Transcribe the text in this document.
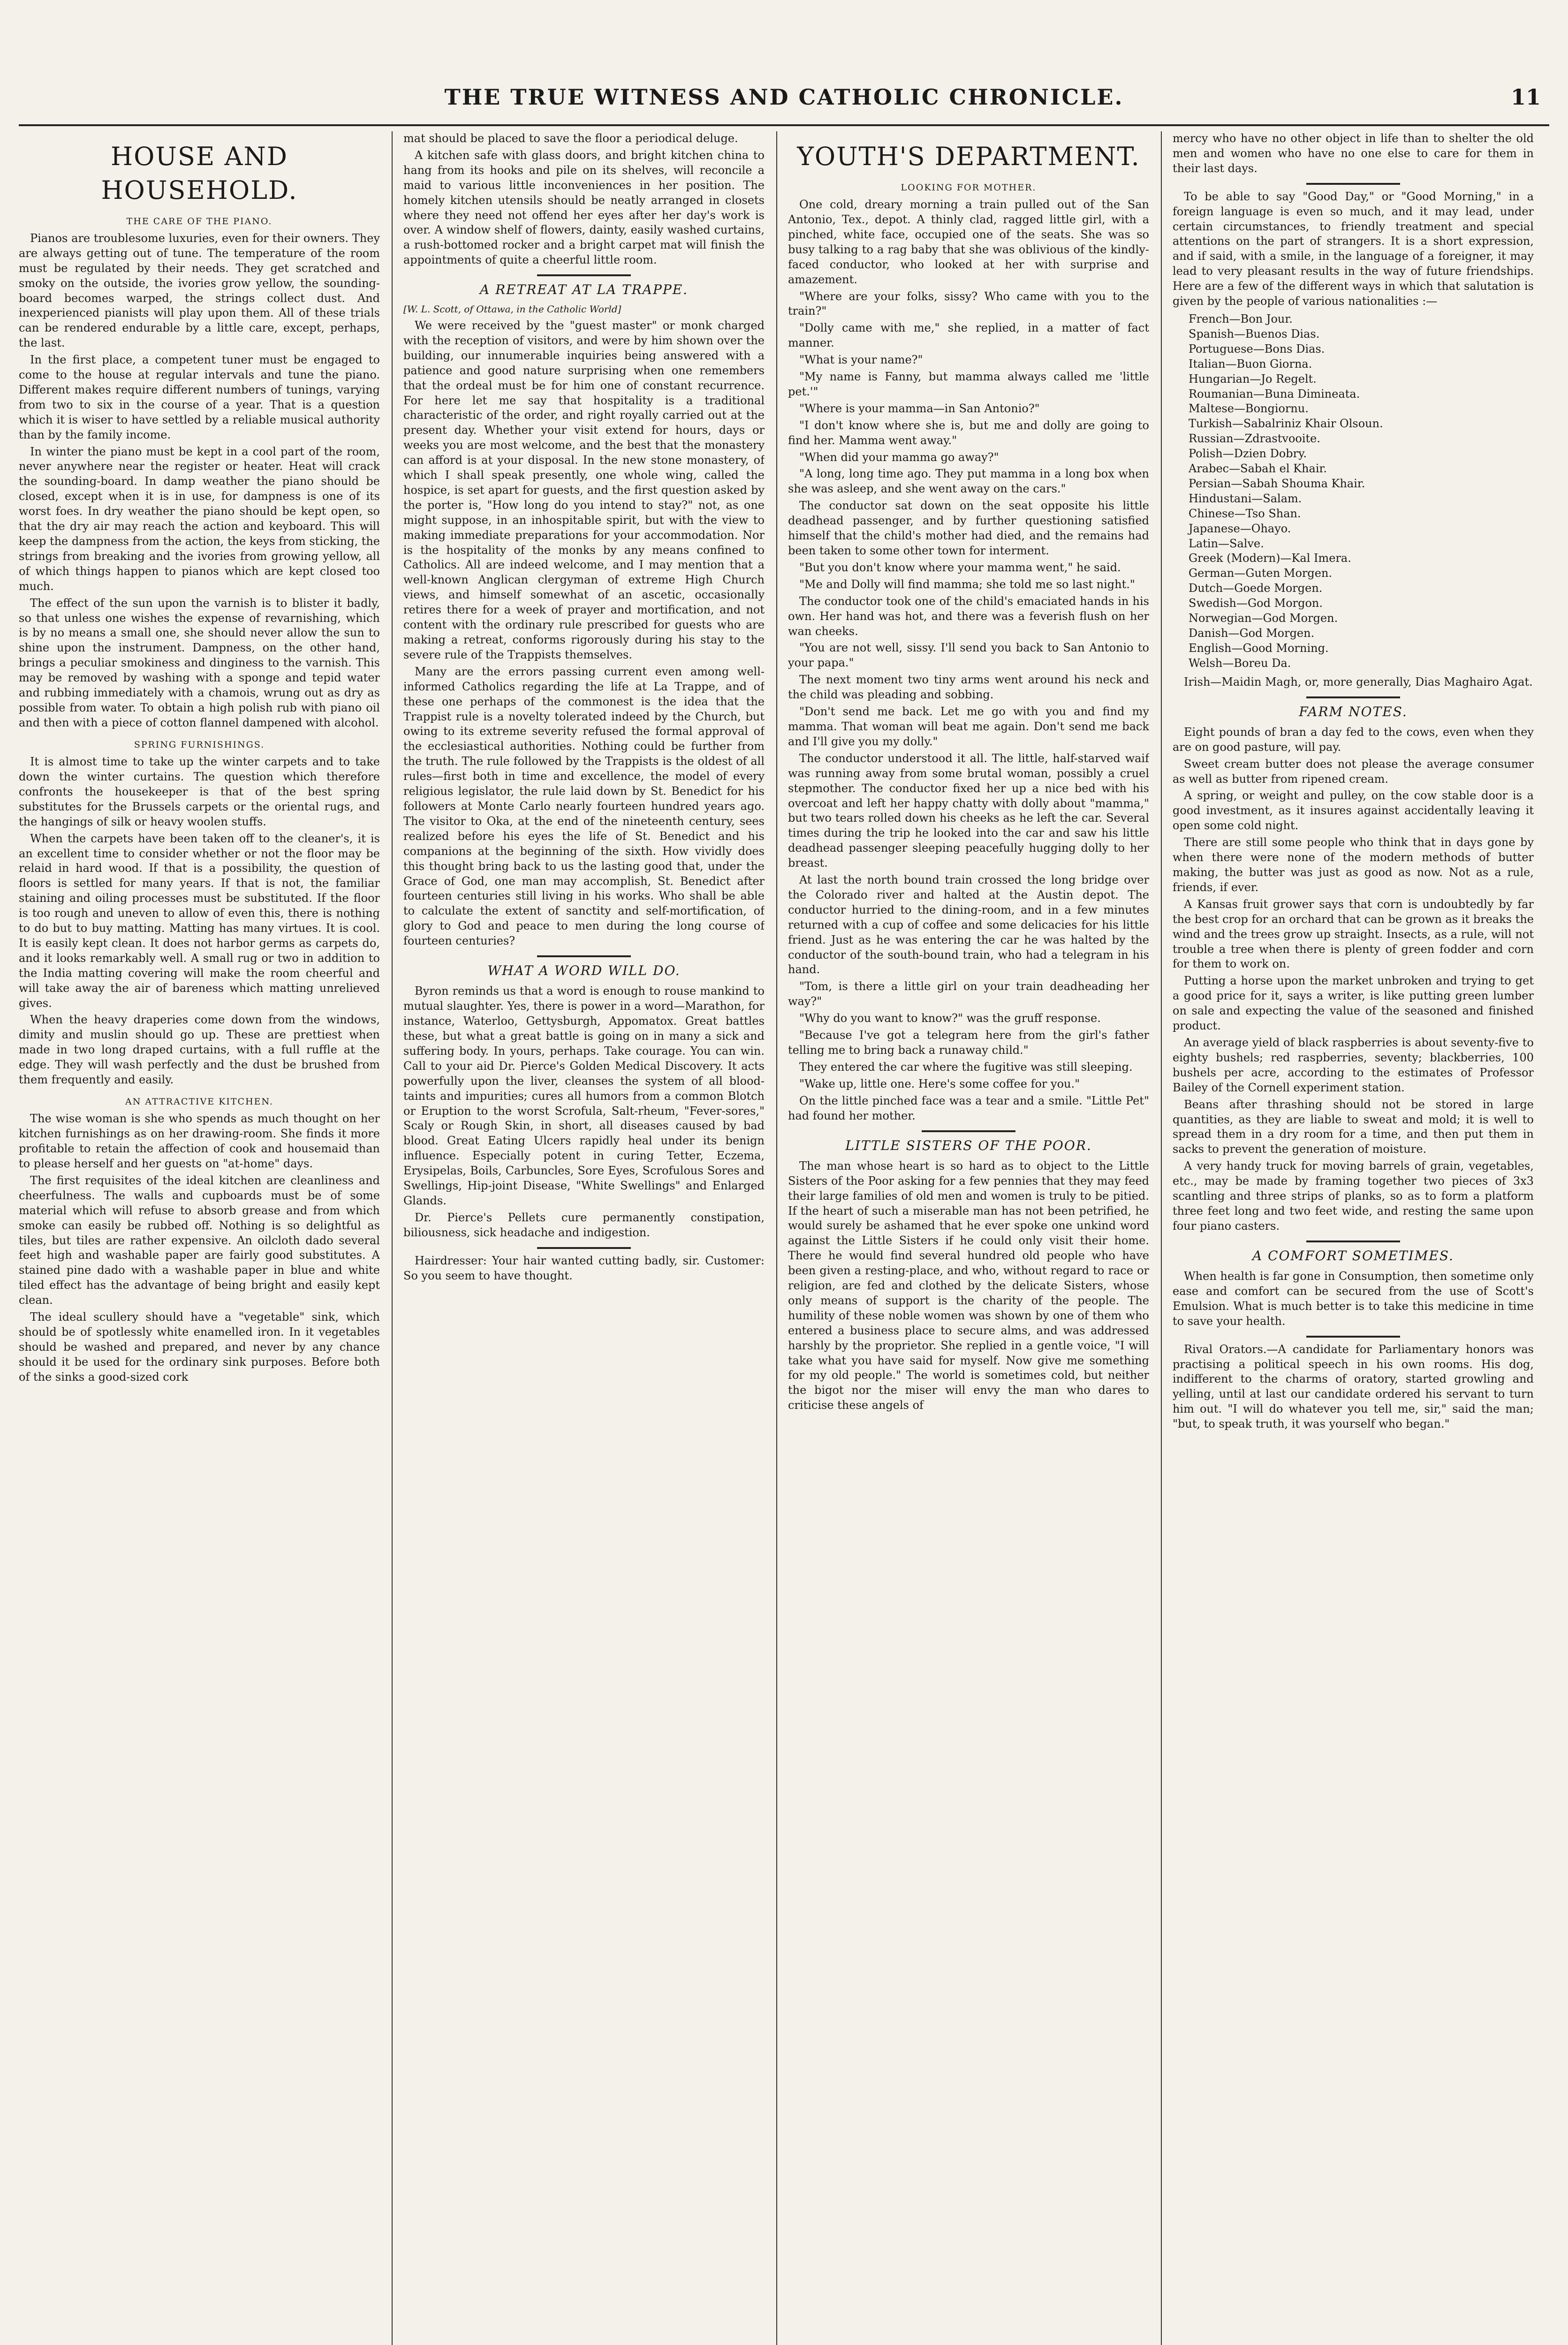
THE TRUE WITNESS AND CATHOLIC CHRONICLE.	11
HOUSE AND HOUSEHOLD.
THE CARE OF THE PIANO.

Pianos are troublesome luxuries, even for their owners. They are always getting out of tune. The temperature of the room must be regulated by their needs. They get scratched and smoky on the outside, the ivories grow yellow, the sounding-board becomes warped, the strings collect dust. And inexperienced pianists will play upon them. All of these trials can be rendered endurable by a little care, except, perhaps, the last.

In the first place, a competent tuner must be engaged to come to the house at regular intervals and tune the piano. Different makes require different numbers of tunings, varying from two to six in the course of a year. That is a question which it is wiser to have settled by a reliable musical authority than by the family income.

In winter the piano must be kept in a cool part of the room, never anywhere near the register or heater. Heat will crack the sounding-board. In damp weather the piano should be closed, except when it is in use, for dampness is one of its worst foes. In dry weather the piano should be kept open, so that the dry air may reach the action and keyboard. This will keep the dampness from the action, the keys from sticking, the strings from breaking and the ivories from growing yellow, all of which things happen to pianos which are kept closed too much.

The effect of the sun upon the varnish is to blister it badly, so that unless one wishes the expense of revarnishing, which is by no means a small one, she should never allow the sun to shine upon the instrument. Dampness, on the other hand, brings a peculiar smokiness and dinginess to the varnish. This may be removed by washing with a sponge and tepid water and rubbing immediately with a chamois, wrung out as dry as possible from water. To obtain a high polish rub with piano oil and then with a piece of cotton flannel dampened with alcohol.

SPRING FURNISHINGS.

It is almost time to take up the winter carpets and to take down the winter curtains. The question which therefore confronts the housekeeper is that of the best spring substitutes for the Brussels carpets or the oriental rugs, and the hangings of silk or heavy woolen stuffs.

When the carpets have been taken off to the cleaner's, it is an excellent time to consider whether or not the floor may be relaid in hard wood. If that is a possibility, the question of floors is settled for many years. If that is not, the familiar staining and oiling processes must be substituted. If the floor is too rough and uneven to allow of even this, there is nothing to do but to buy matting. Matting has many virtues. It is cool. It is easily kept clean. It does not harbor germs as carpets do, and it looks remarkably well. A small rug or two in addition to the India matting covering will make the room cheerful and will take away the air of bareness which matting unrelieved gives.

When the heavy draperies come down from the windows, dimity and muslin should go up. These are prettiest when made in two long draped curtains, with a full ruffle at the edge. They will wash perfectly and the dust be brushed from them frequently and easily.

AN ATTRACTIVE KITCHEN.

The wise woman is she who spends as much thought on her kitchen furnishings as on her drawing-room. She finds it more profitable to retain the affection of cook and housemaid than to please herself and her guests on "at-home" days.

The first requisites of the ideal kitchen are cleanliness and cheerfulness. The walls and cupboards must be of some material which will refuse to absorb grease and from which smoke can easily be rubbed off. Nothing is so delightful as tiles, but tiles are rather expensive. An oilcloth dado several feet high and washable paper are fairly good substitutes. A stained pine dado with a washable paper in blue and white tiled effect has the advantage of being bright and easily kept clean.

The ideal scullery should have a "vegetable" sink, which should be of spotlessly white enamelled iron. In it vegetables should be washed and prepared, and never by any chance should it be used for the ordinary sink purposes. Before both of the sinks a good-sized cork

mat should be placed to save the floor a periodical deluge.

A kitchen safe with glass doors, and bright kitchen china to hang from its hooks and pile on its shelves, will reconcile a maid to various little inconveniences in her position. The homely kitchen utensils should be neatly arranged in closets where they need not offend her eyes after her day's work is over. A window shelf of flowers, dainty, easily washed curtains, a rush-bottomed rocker and a bright carpet mat will finish the appointments of quite a cheerful little room.

A RETREAT AT LA TRAPPE.
[W. L. Scott, of Ottawa, in the Catholic World]

We were received by the "guest master" or monk charged with the reception of visitors, and were by him shown over the building, our innumerable inquiries being answered with a patience and good nature surprising when one remembers that the ordeal must be for him one of constant recurrence. For here let me say that hospitality is a traditional characteristic of the order, and right royally carried out at the present day. Whether your visit extend for hours, days or weeks you are most welcome, and the best that the monastery can afford is at your disposal. In the new stone monastery, of which I shall speak presently, one whole wing, called the hospice, is set apart for guests, and the first question asked by the porter is, "How long do you intend to stay?" not, as one might suppose, in an inhospitable spirit, but with the view to making immediate preparations for your accommodation. Nor is the hospitality of the monks by any means confined to Catholics. All are indeed welcome, and I may mention that a well-known Anglican clergyman of extreme High Church views, and himself somewhat of an ascetic, occasionally retires there for a week of prayer and mortification, and not content with the ordinary rule prescribed for guests who are making a retreat, conforms rigorously during his stay to the severe rule of the Trappists themselves.

Many are the errors passing current even among well-informed Catholics regarding the life at La Trappe, and of these one perhaps of the commonest is the idea that the Trappist rule is a novelty tolerated indeed by the Church, but owing to its extreme severity refused the formal approval of the ecclesiastical authorities. Nothing could be further from the truth. The rule followed by the Trappists is the oldest of all rules—first both in time and excellence, the model of every religious legislator, the rule laid down by St. Benedict for his followers at Monte Carlo nearly fourteen hundred years ago. The visitor to Oka, at the end of the nineteenth century, sees realized before his eyes the life of St. Benedict and his companions at the beginning of the sixth. How vividly does this thought bring back to us the lasting good that, under the Grace of God, one man may accomplish, St. Benedict after fourteen centuries still living in his works. Who shall be able to calculate the extent of sanctity and self-mortification, of glory to God and peace to men during the long course of fourteen centuries?

WHAT A WORD WILL DO.

Byron reminds us that a word is enough to rouse mankind to mutual slaughter. Yes, there is power in a word—Marathon, for instance, Waterloo, Gettysburgh, Appomatox. Great battles these, but what a great battle is going on in many a sick and suffering body. In yours, perhaps. Take courage. You can win. Call to your aid Dr. Pierce's Golden Medical Discovery. It acts powerfully upon the liver, cleanses the system of all blood-taints and impurities; cures all humors from a common Blotch or Eruption to the worst Scrofula, Salt-rheum, "Fever-sores," Scaly or Rough Skin, in short, all diseases caused by bad blood. Great Eating Ulcers rapidly heal under its benign influence. Especially potent in curing Tetter, Eczema, Erysipelas, Boils, Carbuncles, Sore Eyes, Scrofulous Sores and Swellings, Hip-joint Disease, "White Swellings" and Enlarged Glands.

Dr. Pierce's Pellets cure permanently constipation, biliousness, sick headache and indigestion.

Hairdresser: Your hair wanted cutting badly, sir. Customer: So you seem to have thought.

YOUTH'S DEPARTMENT.
LOOKING FOR MOTHER.

One cold, dreary morning a train pulled out of the San Antonio, Tex., depot. A thinly clad, ragged little girl, with a pinched, white face, occupied one of the seats. She was so busy talking to a rag baby that she was oblivious of the kindly-faced conductor, who looked at her with surprise and amazement.

"Where are your folks, sissy? Who came with you to the train?"

"Dolly came with me," she replied, in a matter of fact manner.

"What is your name?"

"My name is Fanny, but mamma always called me 'little pet.'"

"Where is your mamma—in San Antonio?"

"I don't know where she is, but me and dolly are going to find her. Mamma went away."

"When did your mamma go away?"

"A long, long time ago. They put mamma in a long box when she was asleep, and she went away on the cars."

The conductor sat down on the seat opposite his little deadhead passenger, and by further questioning satisfied himself that the child's mother had died, and the remains had been taken to some other town for interment.

"But you don't know where your mamma went," he said.

"Me and Dolly will find mamma; she told me so last night."

The conductor took one of the child's emaciated hands in his own. Her hand was hot, and there was a feverish flush on her wan cheeks.

"You are not well, sissy. I'll send you back to San Antonio to your papa."

The next moment two tiny arms went around his neck and the child was pleading and sobbing.

"Don't send me back. Let me go with you and find my mamma. That woman will beat me again. Don't send me back and I'll give you my dolly."

The conductor understood it all. The little, half-starved waif was running away from some brutal woman, possibly a cruel stepmother. The conductor fixed her up a nice bed with his overcoat and left her happy chatty with dolly about "mamma," but two tears rolled down his cheeks as he left the car. Several times during the trip he looked into the car and saw his little deadhead passenger sleeping peacefully hugging dolly to her breast.

At last the north bound train crossed the long bridge over the Colorado river and halted at the Austin depot. The conductor hurried to the dining-room, and in a few minutes returned with a cup of coffee and some delicacies for his little friend. Just as he was entering the car he was halted by the conductor of the south-bound train, who had a telegram in his hand.

"Tom, is there a little girl on your train deadheading her way?"

"Why do you want to know?" was the gruff response.

"Because I've got a telegram here from the girl's father telling me to bring back a runaway child."

They entered the car where the fugitive was still sleeping.

"Wake up, little one. Here's some coffee for you."

On the little pinched face was a tear and a smile. "Little Pet" had found her mother.

LITTLE SISTERS OF THE POOR.

The man whose heart is so hard as to object to the Little Sisters of the Poor asking for a few pennies that they may feed their large families of old men and women is truly to be pitied. If the heart of such a miserable man has not been petrified, he would surely be ashamed that he ever spoke one unkind word against the Little Sisters if he could only visit their home. There he would find several hundred old people who have been given a resting-place, and who, without regard to race or religion, are fed and clothed by the delicate Sisters, whose only means of support is the charity of the people. The humility of these noble women was shown by one of them who entered a business place to secure alms, and was addressed harshly by the proprietor. She replied in a gentle voice, "I will take what you have said for myself. Now give me something for my old people." The world is sometimes cold, but neither the bigot nor the miser will envy the man who dares to criticise these angels of

mercy who have no other object in life than to shelter the old men and women who have no one else to care for them in their last days.

To be able to say "Good Day," or "Good Morning," in a foreign language is even so much, and it may lead, under certain circumstances, to friendly treatment and special attentions on the part of strangers. It is a short expression, and if said, with a smile, in the language of a foreigner, it may lead to very pleasant results in the way of future friendships. Here are a few of the different ways in which that salutation is given by the people of various nationalities :—

French—Bon Jour.
Spanish—Buenos Dias.
Portuguese—Bons Dias.
Italian—Buon Giorna.
Hungarian—Jo Regelt.
Roumanian—Buna Dimineata.
Maltese—Bongiornu.
Turkish—Sabalriniz Khair Olsoun.
Russian—Zdrastvooite.
Polish—Dzien Dobry.
Arabec—Sabah el Khair.
Persian—Sabah Shouma Khair.
Hindustani—Salam.
Chinese—Tso Shan.
Japanese—Ohayo.
Latin—Salve.
Greek (Modern)—Kal Imera.
German—Guten Morgen.
Dutch—Goede Morgen.
Swedish—God Morgon.
Norwegian—God Morgen.
Danish—God Morgen.
English—Good Morning.
Welsh—Boreu Da.

Irish—Maidin Magh, or, more generally, Dias Maghairo Agat.

FARM NOTES.

Eight pounds of bran a day fed to the cows, even when they are on good pasture, will pay.

Sweet cream butter does not please the average consumer as well as butter from ripened cream.

A spring, or weight and pulley, on the cow stable door is a good investment, as it insures against accidentally leaving it open some cold night.

There are still some people who think that in days gone by when there were none of the modern methods of butter making, the butter was just as good as now. Not as a rule, friends, if ever.

A Kansas fruit grower says that corn is undoubtedly by far the best crop for an orchard that can be grown as it breaks the wind and the trees grow up straight. Insects, as a rule, will not trouble a tree when there is plenty of green fodder and corn for them to work on.

Putting a horse upon the market unbroken and trying to get a good price for it, says a writer, is like putting green lumber on sale and expecting the value of the seasoned and finished product.

An average yield of black raspberries is about seventy-five to eighty bushels; red raspberries, seventy; blackberries, 100 bushels per acre, according to the estimates of Professor Bailey of the Cornell experiment station.

Beans after thrashing should not be stored in large quantities, as they are liable to sweat and mold; it is well to spread them in a dry room for a time, and then put them in sacks to prevent the generation of moisture.

A very handy truck for moving barrels of grain, vegetables, etc., may be made by framing together two pieces of 3x3 scantling and three strips of planks, so as to form a platform three feet long and two feet wide, and resting the same upon four piano casters.

A COMFORT SOMETIMES.

When health is far gone in Consumption, then sometime only ease and comfort can be secured from the use of Scott's Emulsion. What is much better is to take this medicine in time to save your health.

Rival Orators.—A candidate for Parliamentary honors was practising a political speech in his own rooms. His dog, indifferent to the charms of oratory, started growling and yelling, until at last our candidate ordered his servant to turn him out. "I will do whatever you tell me, sir," said the man; "but, to speak truth, it was yourself who began."
